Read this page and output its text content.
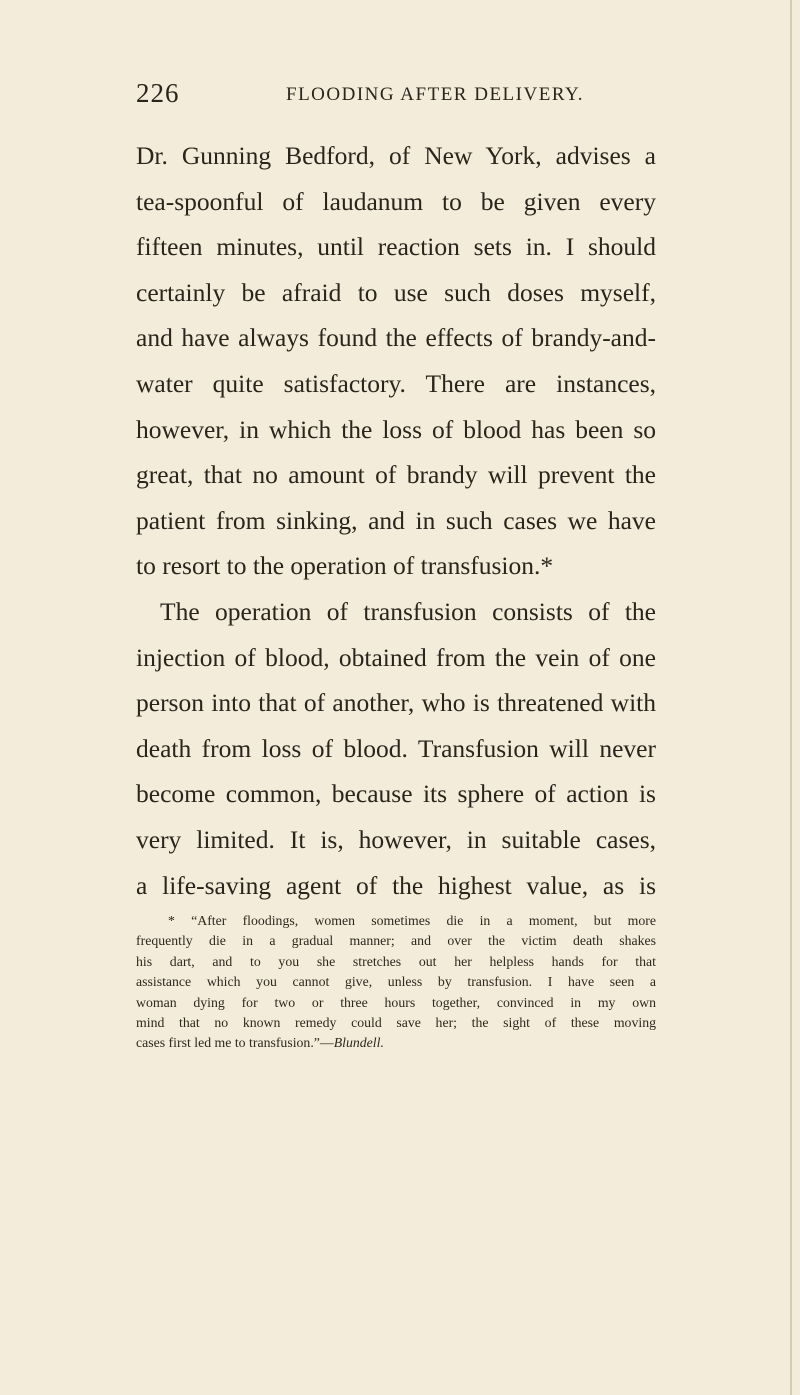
226	FLOODING AFTER DELIVERY.
Dr. Gunning Bedford, of New York, advises a
tea-spoonful of laudanum to be given every
fifteen minutes, until reaction sets in. I should
certainly be afraid to use such doses myself,
and have always found the effects of brandy-and-
water quite satisfactory. There are instances,
however, in which the loss of blood has been so
great, that no amount of brandy will prevent the
patient from sinking, and in such cases we have
to resort to the operation of transfusion.*
The operation of transfusion consists of the
injection of blood, obtained from the vein of one
person into that of another, who is threatened with
death from loss of blood. Transfusion will never
become common, because its sphere of action is
very limited. It is, however, in suitable cases,
a life-saving agent of the highest value, as is
* “After floodings, women sometimes die in a moment, but more
frequently die in a gradual manner; and over the victim death shakes
his dart, and to you she stretches out her helpless hands for that
assistance which you cannot give, unless by transfusion. I have seen a
woman dying for two or three hours together, convinced in my own
mind that no known remedy could save her; the sight of these moving
cases first led me to transfusion.”—Blundell.
